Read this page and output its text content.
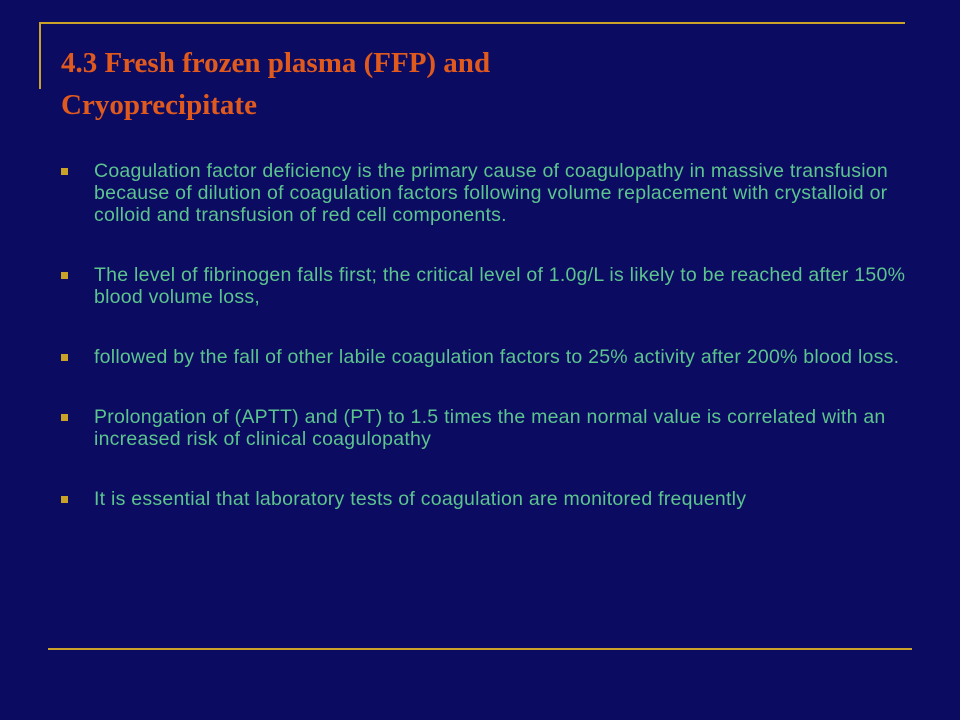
4.3 Fresh frozen plasma (FFP) and
Cryoprecipitate
Coagulation factor deficiency is the primary cause of coagulopathy in massive transfusion because of dilution of coagulation factors following volume replacement with crystalloid or colloid and transfusion of red cell components.
The level of fibrinogen falls first; the critical level of 1.0g/L is likely to be reached after 150% blood volume loss,
followed by the fall of other labile coagulation factors to 25% activity after 200% blood loss.
Prolongation of (APTT) and (PT) to 1.5 times the mean normal value is correlated with an increased risk of clinical coagulopathy
It is essential that laboratory tests of coagulation are monitored frequently
